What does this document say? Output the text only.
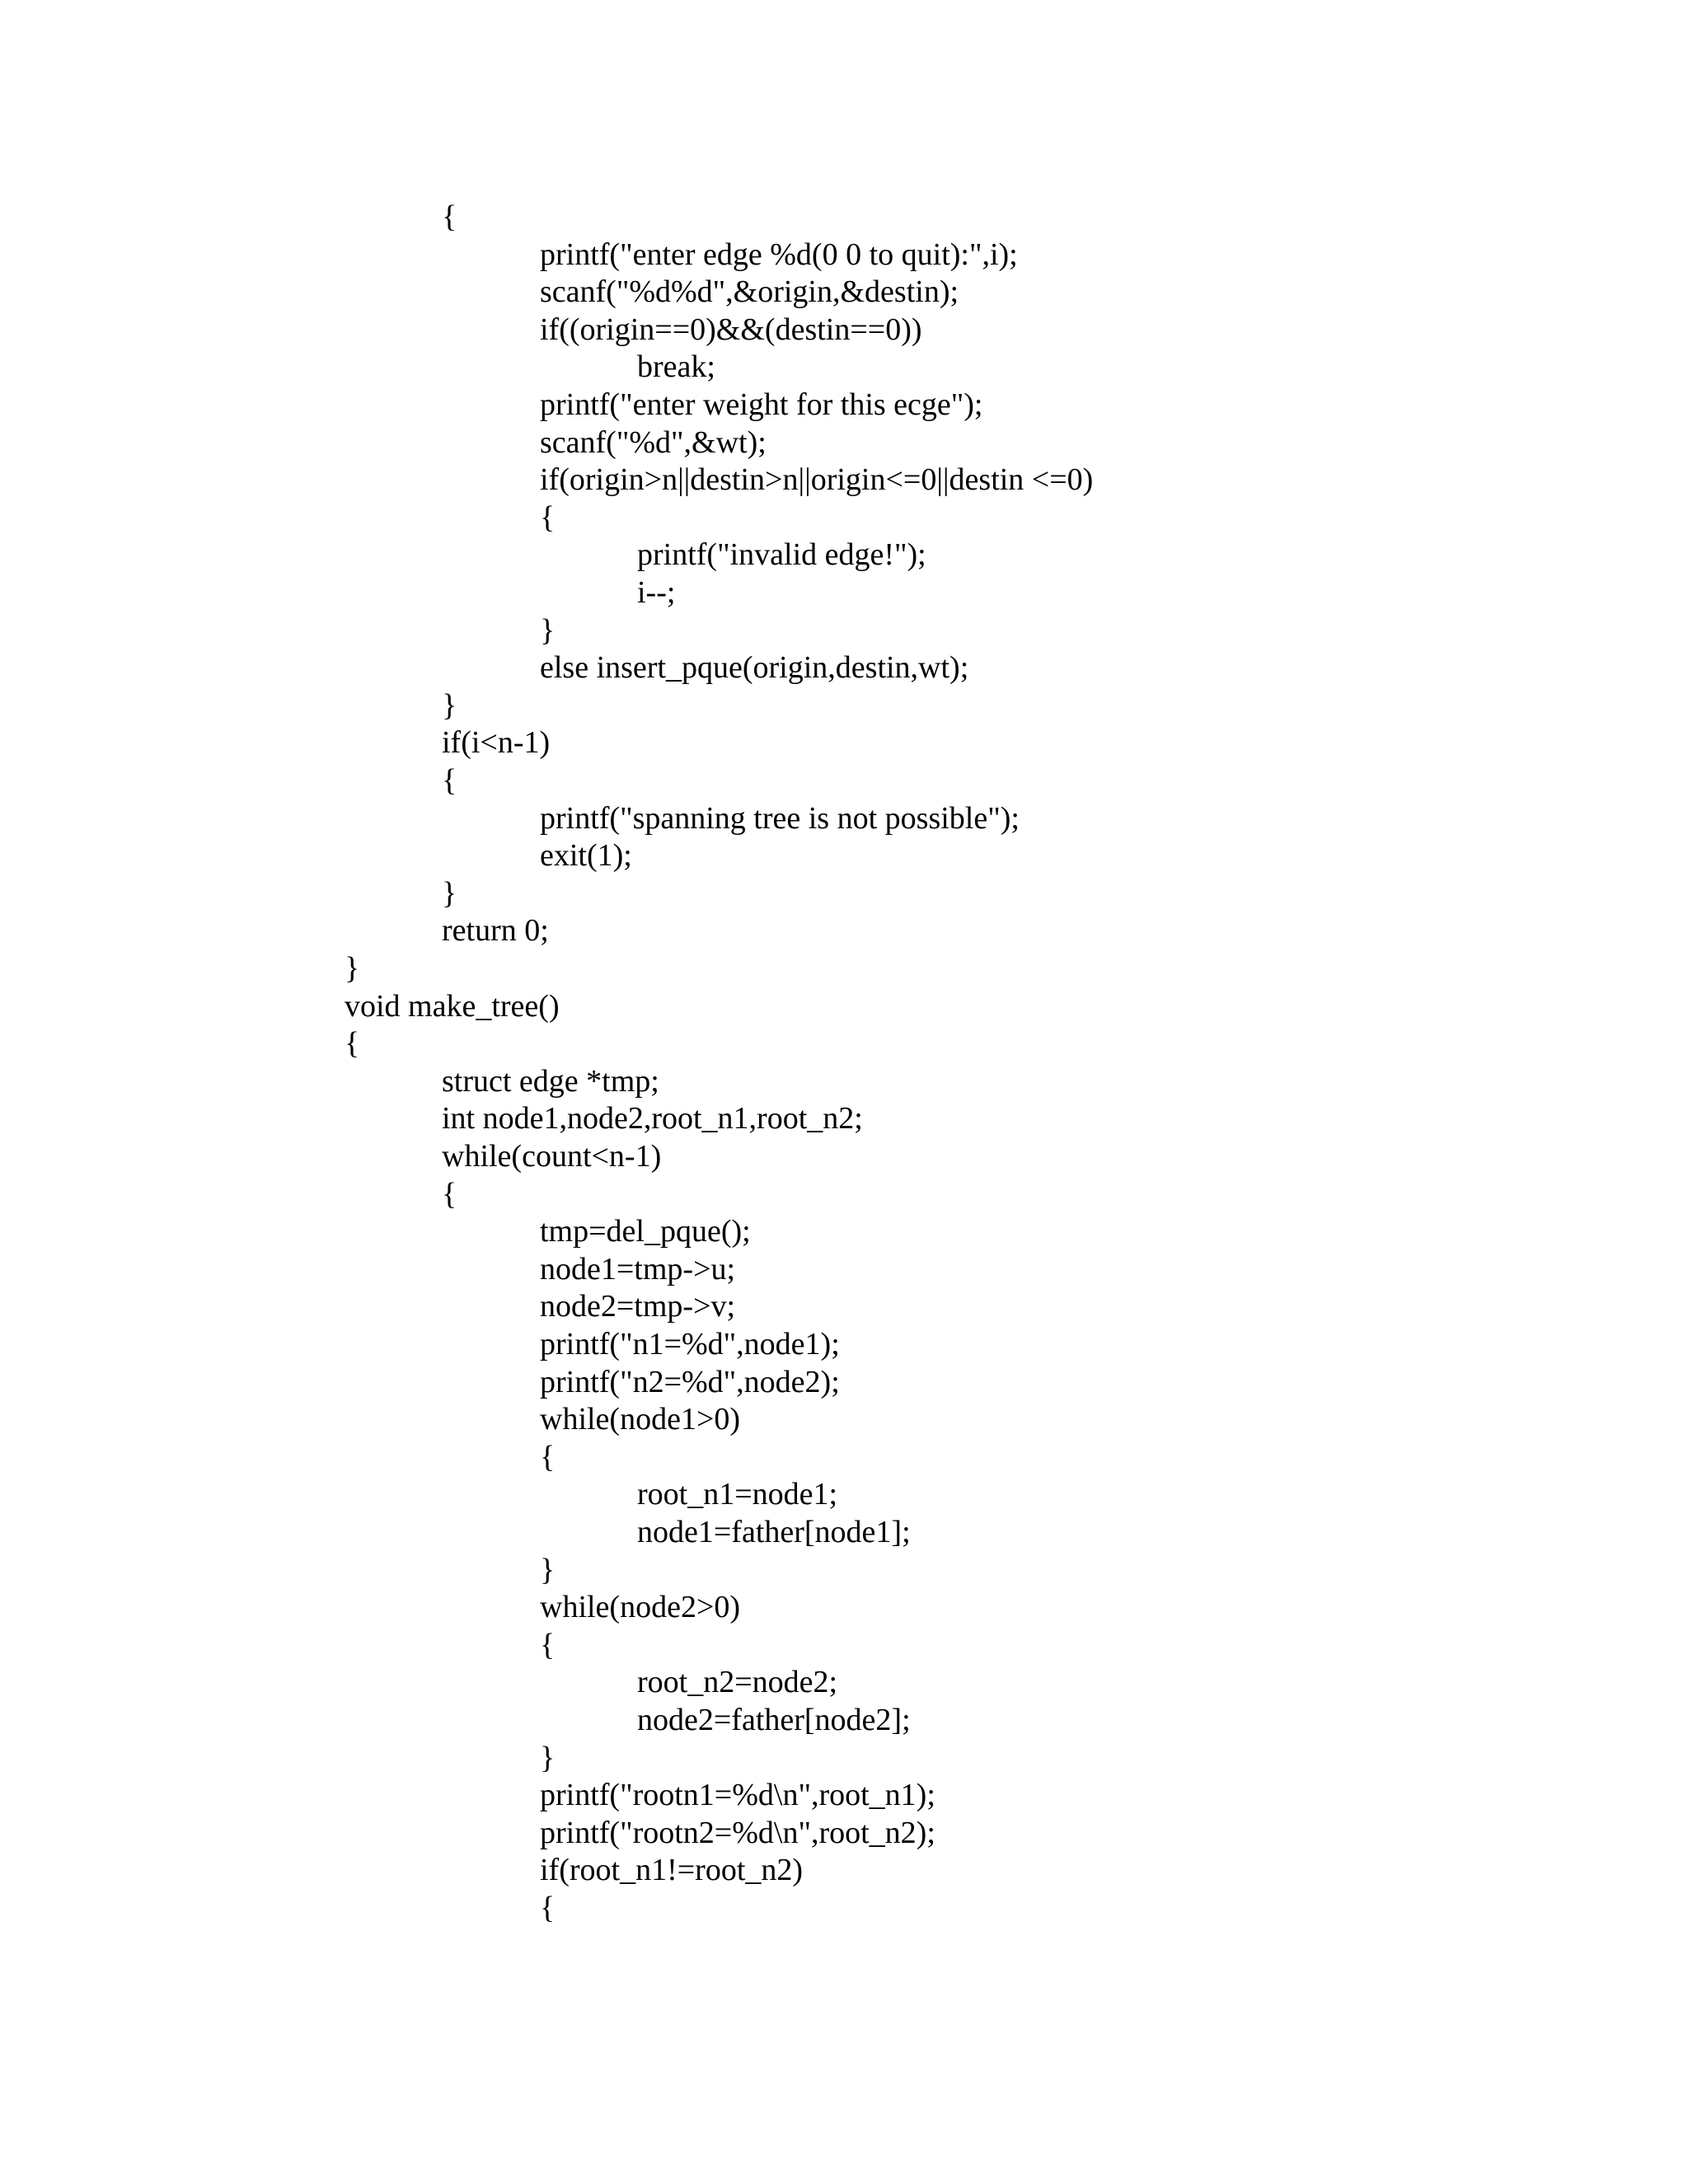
{
printf("enter edge %d(0 0 to quit):",i);
scanf("%d%d",&origin,&destin);
if((origin==0)&&(destin==0))
break;
printf("enter weight for this ecge");
scanf("%d",&wt);
if(origin>n||destin>n||origin<=0||destin <=0)
{
printf("invalid edge!");
i--;
}
else insert_pque(origin,destin,wt);
}
if(i<n-1)
{
printf("spanning tree is not possible");
exit(1);
}
return 0;
}
void make_tree()
{
struct edge *tmp;
int node1,node2,root_n1,root_n2;
while(count<n-1)
{
tmp=del_pque();
node1=tmp->u;
node2=tmp->v;
printf("n1=%d",node1);
printf("n2=%d",node2);
while(node1>0)
{
root_n1=node1;
node1=father[node1];
}
while(node2>0)
{
root_n2=node2;
node2=father[node2];
}
printf("rootn1=%d\n",root_n1);
printf("rootn2=%d\n",root_n2);
if(root_n1!=root_n2)
{
